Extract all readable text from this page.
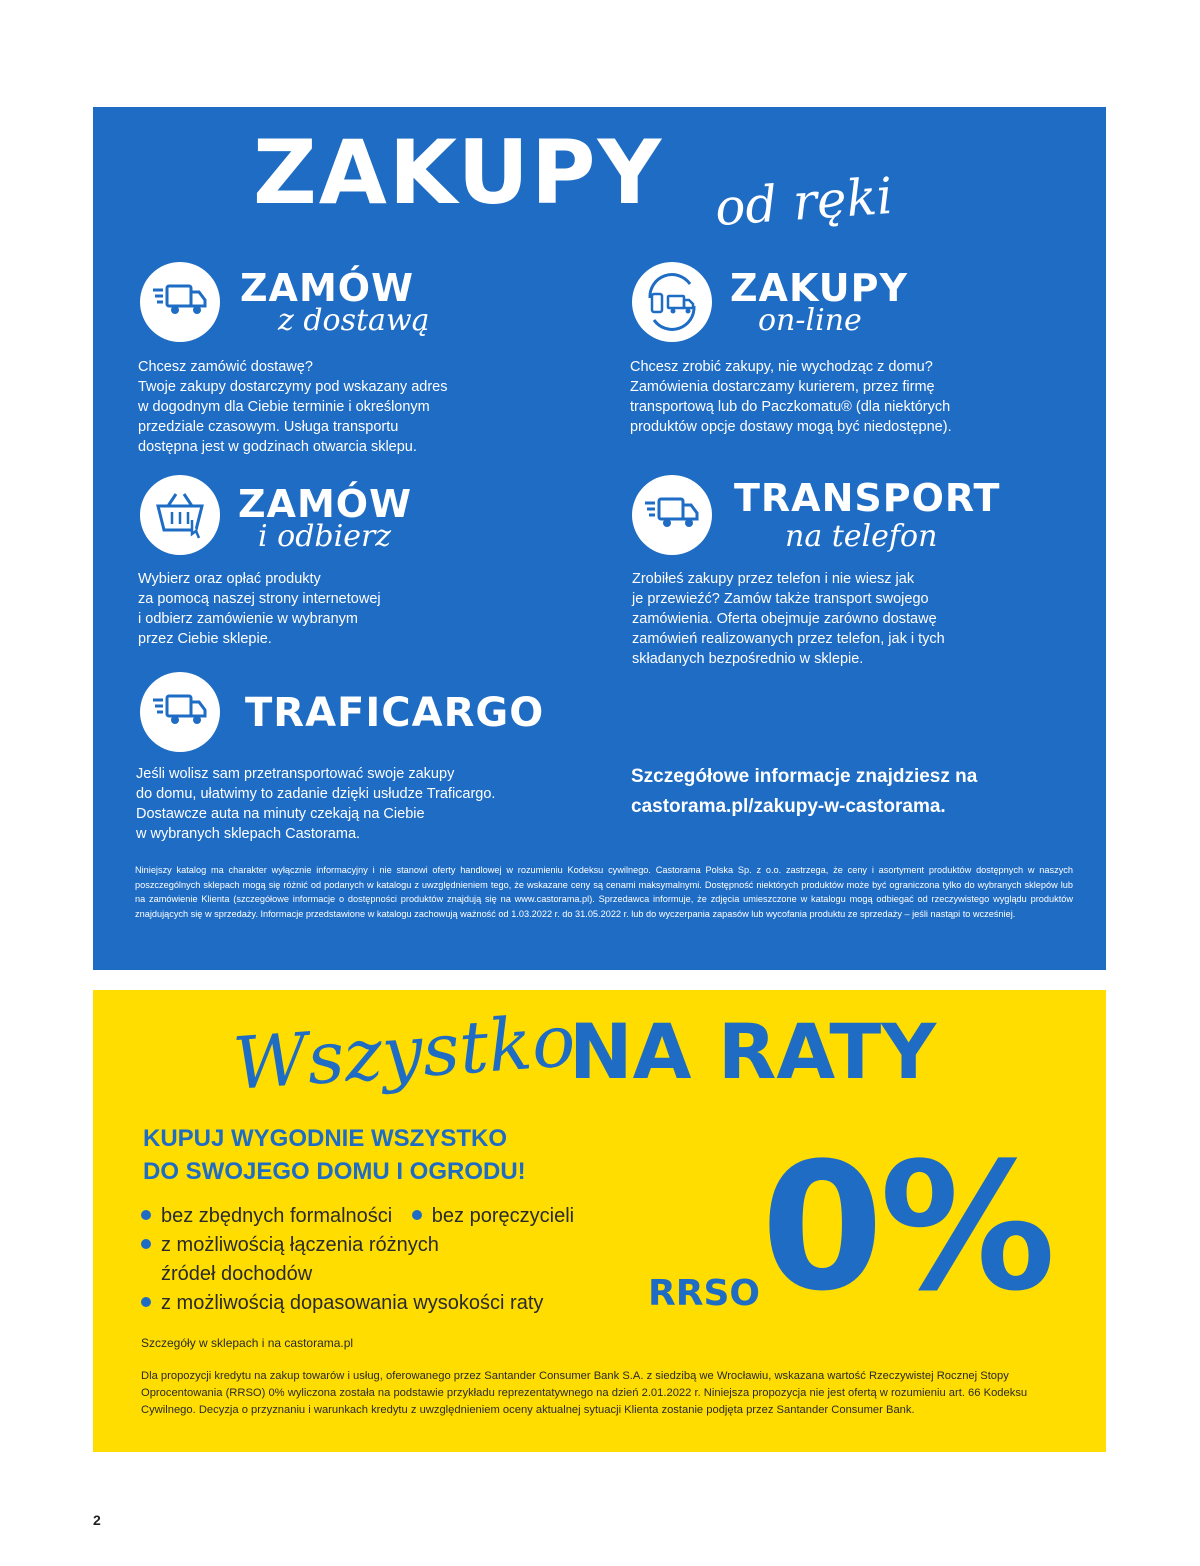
ZAKUPY od ręki
ZAMÓW
z dostawą
Chcesz zamówić dostawę?
Twoje zakupy dostarczymy pod wskazany adres
w dogodnym dla Ciebie terminie i określonym
przedziale czasowym. Usługa transportu
dostępna jest w godzinach otwarcia sklepu.
ZAKUPY
on-line
Chcesz zrobić zakupy, nie wychodząc z domu?
Zamówienia dostarczamy kurierem, przez firmę
transportową lub do Paczkomatu® (dla niektórych
produktów opcje dostawy mogą być niedostępne).
ZAMÓW
i odbierz
Wybierz oraz opłać produkty
za pomocą naszej strony internetowej
i odbierz zamówienie w wybranym
przez Ciebie sklepie.
TRANSPORT
na telefon
Zrobiłeś zakupy przez telefon i nie wiesz jak
je przewieźć? Zamów także transport swojego
zamówienia. Oferta obejmuje zarówno dostawę
zamówień realizowanych przez telefon, jak i tych
składanych bezpośrednio w sklepie.
TRAFICARGO
Jeśli wolisz sam przetransportować swoje zakupy
do domu, ułatwimy to zadanie dzięki usłudze Traficargo.
Dostawcze auta na minuty czekają na Ciebie
w wybranych sklepach Castorama.
Szczegółowe informacje znajdziesz na
castorama.pl/zakupy-w-castorama.

Niniejszy katalog ma charakter wyłącznie informacyjny i nie stanowi oferty handlowej w rozumieniu Kodeksu cywilnego. Castorama Polska Sp. z o.o. zastrzega, że ceny i asortyment produktów dostępnych w naszych poszczególnych sklepach mogą się różnić od podanych w katalogu z uwzględnieniem tego, że wskazane ceny są cenami maksymalnymi. Dostępność niektórych produktów może być ograniczona tylko do wybranych sklepów lub na zamówienie Klienta (szczegółowe informacje o dostępności produktów znajdują się na www.castorama.pl). Sprzedawca informuje, że zdjęcia umieszczone w katalogu mogą odbiegać od rzeczywistego wyglądu produktów znajdujących się w sprzedaży. Informacje przedstawione w katalogu zachowują ważność od 1.03.2022 r. do 31.05.2022 r. lub do wyczerpania zapasów lub wycofania produktu ze sprzedaży – jeśli nastąpi to wcześniej.

Wszystko
NA RATY
KUPUJ WYGODNIE WSZYSTKO
DO SWOJEGO DOMU I OGRODU!
bez zbędnych formalności bez poręczycieli
z możliwością łączenia różnych
źródeł dochodów
z możliwością dopasowania wysokości raty	RRSO 0%
Szczegóły w sklepach i na castorama.pl

Dla propozycji kredytu na zakup towarów i usług, oferowanego przez Santander Consumer Bank S.A. z siedzibą we Wrocławiu, wskazana wartość Rzeczywistej Rocznej Stopy Oprocentowania (RRSO) 0% wyliczona została na podstawie przykładu reprezentatywnego na dzień 2.01.2022 r. Niniejsza propozycja nie jest ofertą w rozumieniu art. 66 Kodeksu Cywilnego. Decyzja o przyznaniu i warunkach kredytu z uwzględnieniem oceny aktualnej sytuacji Klienta zostanie podjęta przez Santander Consumer Bank.

2
